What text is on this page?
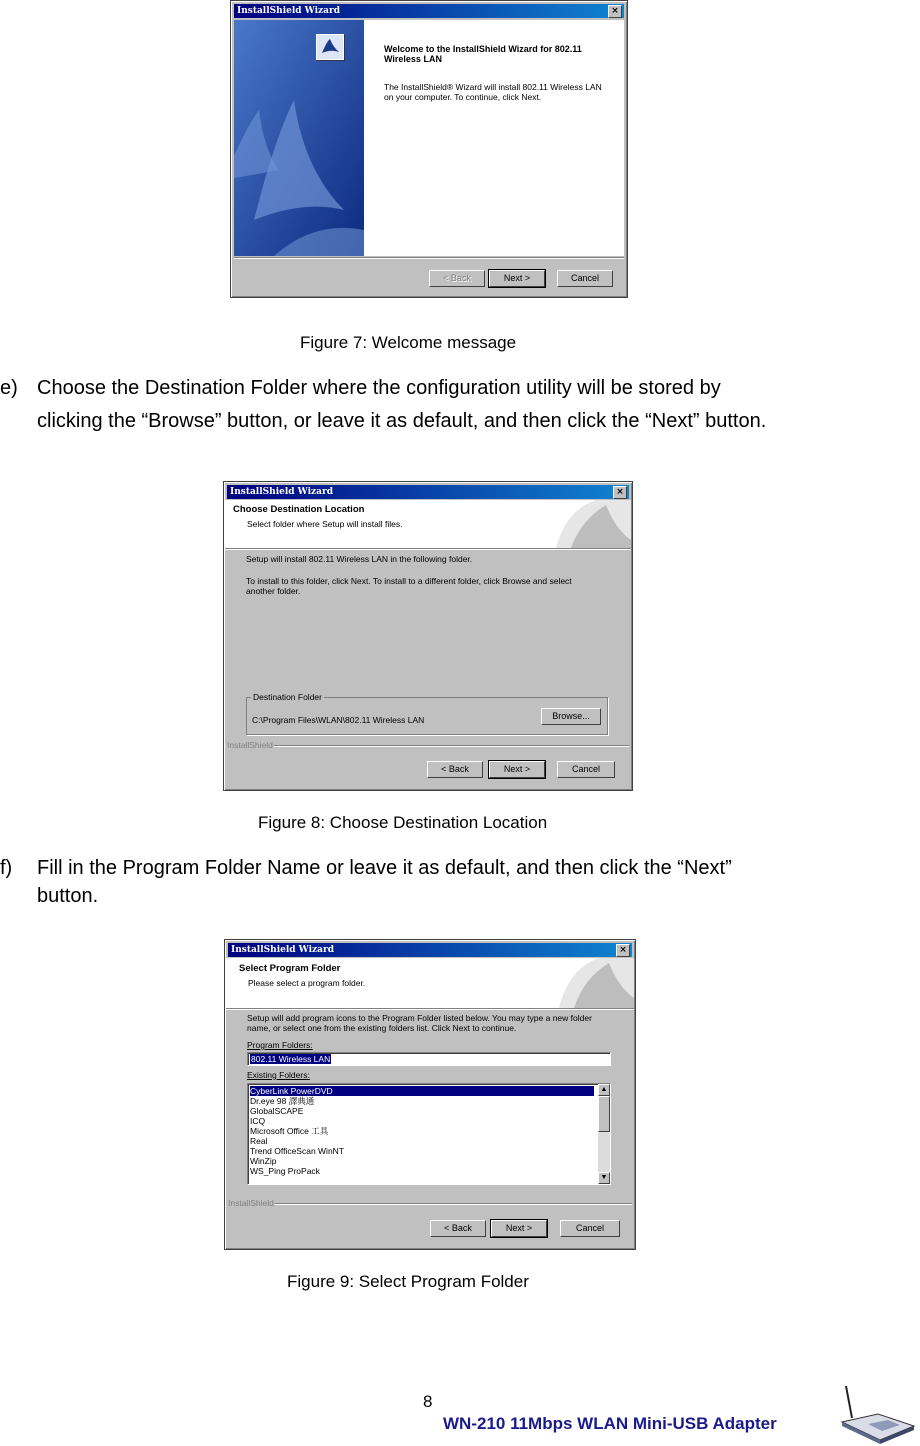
InstallShield Wizard	×
Welcome to the InstallShield Wizard for 802.11
Wireless LAN
The InstallShield® Wizard will install 802.11 Wireless LAN
on your computer. To continue, click Next.
< Back	Next >	Cancel
Figure 7: Welcome message
e) Choose the Destination Folder where the configuration utility will be stored by
clicking the “Browse” button, or leave it as default, and then click the “Next” button.
InstallShield Wizard	×
Choose Destination Location
Select folder where Setup will install files.
Setup will install 802.11 Wireless LAN in the following folder.
To install to this folder, click Next. To install to a different folder, click Browse and select
another folder.
Destination Folder
C:\Program Files\WLAN\802.11 Wireless LAN	Browse...
InstallShield
< Back	Next >	Cancel
Figure 8: Choose Destination Location
f) Fill in the Program Folder Name or leave it as default, and then click the “Next”
button.
InstallShield Wizard	×
Select Program Folder
Please select a program folder.
Setup will add program icons to the Program Folder listed below. You may type a new folder
name, or select one from the existing folders list. Click Next to continue.
Program Folders:
802.11 Wireless LAN
Existing Folders:
CyberLink PowerDVD
Dr.eye 98 譯典通
GlobalSCAPE
ICQ
Microsoft Office 工具
Real
Trend OfficeScan WinNT
WinZip
WS_Ping ProPack
▲
▼
InstallShield
< Back	Next >	Cancel
Figure 9: Select Program Folder
8
WN-210 11Mbps WLAN Mini-USB Adapter
